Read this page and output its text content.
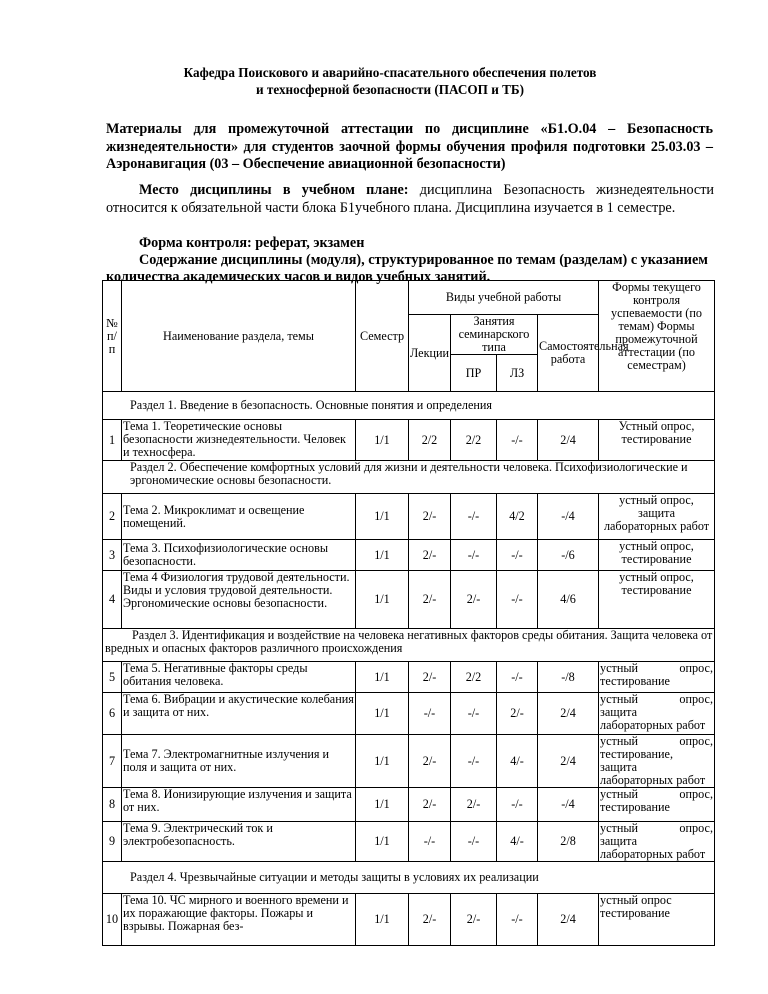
Кафедра Поискового и аварийно-спасательного обеспечения полетов
и техносферной безопасности (ПАСОП и ТБ)
Материалы для промежуточной аттестации по дисциплине «Б1.О.04 – Безопасность жизнедеятельности» для студентов заочной формы обучения профиля подготовки 25.03.03 – Аэронавигация (03 – Обеспечение авиационной безопасности)
Место дисциплины в учебном плане: дисциплина Безопасность жизнедеятельности относится к обязательной части блока Б1учебного плана. Дисциплина изучается в 1 семестре.
Форма контроля: реферат, экзамен
Содержание дисциплины (модуля), структурированное по темам (разделам) с указанием количества академических часов и видов учебных занятий.
№ п/п	Наименование раздела, темы	Семестр	Виды учебной работы				Формы текущего контроля успеваемости (по темам) Формы промежуточной аттестации (по семестрам)
			Лекции	Занятия семинарского типа		Самостоятельная работа	
				ПР	ЛЗ		
Раздел 1. Введение в безопасность. Основные понятия и определения							
1	Тема 1. Теоретические основы безопасности жизнедеятельности. Человек и техносфера.	1/1	2/2	2/2	-/-	2/4	Устный опрос, тестирование
Раздел 2. Обеспечение комфортных условий для жизни и деятельности человека. Психофизиологические и эргономические основы безопасности.							
2	Тема 2. Микроклимат и освещение помещений.	1/1	2/-	-/-	4/2	-/4	устный опрос, защита лабораторных работ
3	Тема 3. Психофизиологические основы безопасности.	1/1	2/-	-/-	-/-	-/6	устный опрос, тестирование
4	Тема 4 Физиология трудовой деятельности. Виды и условия трудовой деятельности. Эргономические основы безопасности.	1/1	2/-	2/-	-/-	4/6	устный опрос, тестирование
Раздел 3. Идентификация и воздействие на человека негативных факторов среды обитания. Защита человека от вредных и опасных факторов различного происхождения							
5	Тема 5. Негативные факторы среды обитания человека.	1/1	2/-	2/2	-/-	-/8	устный опрос, тестирование
6	Тема 6. Вибрации и акустические колебания и защита от них.	1/1	-/-	-/-	2/-	2/4	устный опрос, защита лабораторных работ
7	Тема 7. Электромагнитные излучения и поля и защита от них.	1/1	2/-	-/-	4/-	2/4	устный опрос, тестирование, защита лабораторных работ
8	Тема 8. Ионизирующие излучения и защита от них.	1/1	2/-	2/-	-/-	-/4	устный опрос, тестирование
9	Тема 9. Электрический ток и электробезопасность.	1/1	-/-	-/-	4/-	2/8	устный опрос, защита лабораторных работ
Раздел 4. Чрезвычайные ситуации и методы защиты в условиях их реализации							
10	Тема 10. ЧС мирного и военного времени и их поражающие факторы. Пожары и взрывы. Пожарная без-	1/1	2/-	2/-	-/-	2/4	устный опрос тестирование
